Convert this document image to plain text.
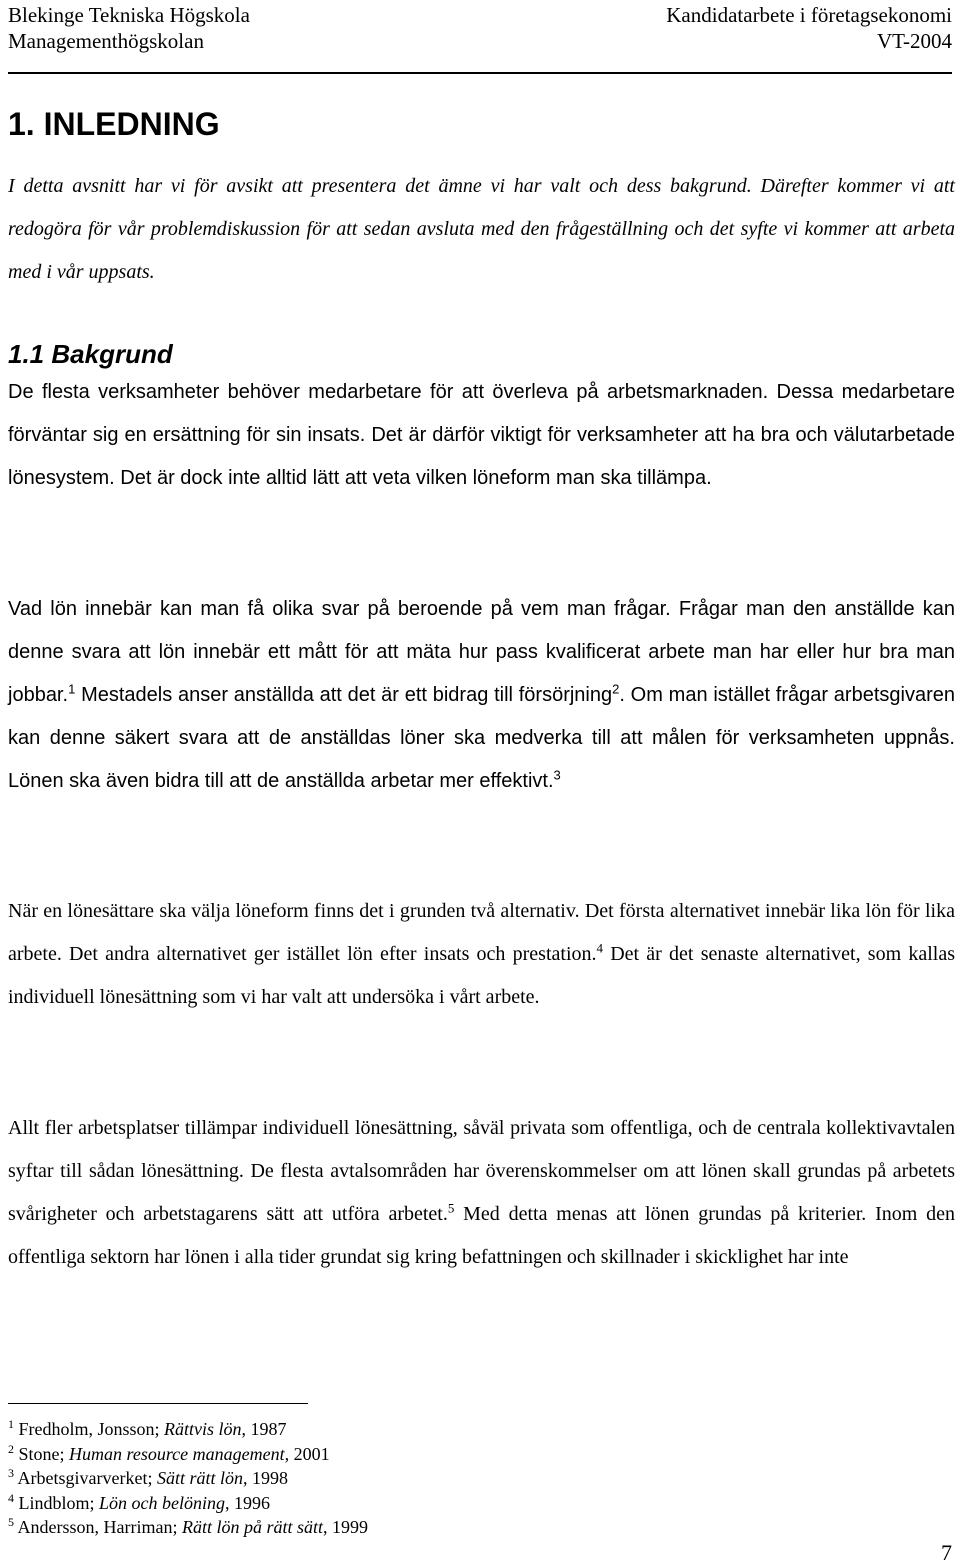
Blekinge Tekniska Högskola
Managementhögskolan
Kandidatarbete i företagsekonomi
VT-2004
1. INLEDNING

I detta avsnitt har vi för avsikt att presentera det ämne vi har valt och dess bakgrund. Därefter kommer vi att redogöra för vår problemdiskussion för att sedan avsluta med den frågeställning och det syfte vi kommer att arbeta med i vår uppsats.

1.1 Bakgrund

De flesta verksamheter behöver medarbetare för att överleva på arbetsmarknaden. Dessa medarbetare förväntar sig en ersättning för sin insats. Det är därför viktigt för verksamheter att ha bra och välutarbetade lönesystem. Det är dock inte alltid lätt att veta vilken löneform man ska tillämpa.

Vad lön innebär kan man få olika svar på beroende på vem man frågar. Frågar man den anställde kan denne svara att lön innebär ett mått för att mäta hur pass kvalificerat arbete man har eller hur bra man jobbar.$^1$ Mestadels anser anställda att det är ett bidrag till försörjning$^2$. Om man istället frågar arbetsgivaren kan denne säkert svara att de anställdas löner ska medverka till att målen för verksamheten uppnås. Lönen ska även bidra till att de anställda arbetar mer effektivt.$^3$

När en lönesättare ska välja löneform finns det i grunden två alternativ. Det första alternativet innebär lika lön för lika arbete. Det andra alternativet ger istället lön efter insats och prestation.$^4$ Det är det senaste alternativet, som kallas individuell lönesättning som vi har valt att undersöka i vårt arbete.

Allt fler arbetsplatser tillämpar individuell lönesättning, såväl privata som offentliga, och de centrala kollektivavtalen syftar till sådan lönesättning. De flesta avtalsområden har överenskommelser om att lönen skall grundas på arbetets svårigheter och arbetstagarens sätt att utföra arbetet.$^5$ Med detta menas att lönen grundas på kriterier. Inom den offentliga sektorn har lönen i alla tider grundat sig kring befattningen och skillnader i skicklighet har inte

$^1$ Fredholm, Jonsson; Rättvis lön, 1987
$^2$ Stone; Human resource management, 2001
$^3$ Arbetsgivarverket; Sätt rätt lön, 1998
$^4$ Lindblom; Lön och belöning, 1996
$^5$ Andersson, Harriman; Rätt lön på rätt sätt, 1999
7
